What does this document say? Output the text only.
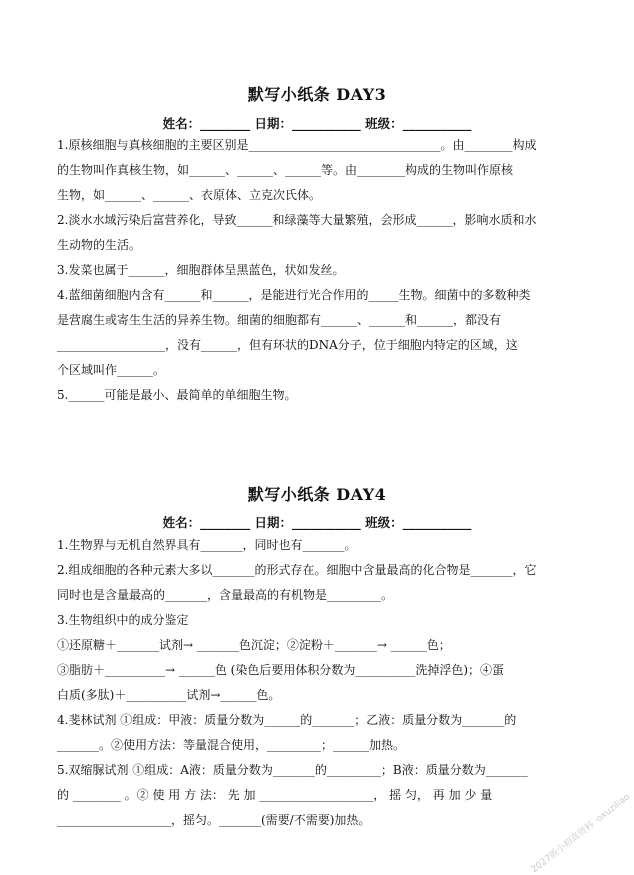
默写小纸条 DAY3
姓名：________ 日期：___________ 班级：___________
1.原核细胞与真核细胞的主要区别是________________________________。由________构成
的生物叫作真核生物，如______、______、______等。由________构成的生物叫作原核
生物，如______、______、衣原体、立克次氏体。
2.淡水水域污染后富营养化，导致______和绿藻等大量繁殖，会形成______，影响水质和水
生动物的生活。
3.发菜也属于______，细胞群体呈黑蓝色，状如发丝。
4.蓝细菌细胞内含有______和______，是能进行光合作用的_____生物。细菌中的多数种类
是营腐生或寄生生活的异养生物。细菌的细胞都有______、______和______，都没有
__________________，没有______，但有环状的DNA分子，位于细胞内特定的区域，这
个区域叫作______。
5.______可能是最小、最简单的单细胞生物。
默写小纸条 DAY4
姓名：________ 日期：___________ 班级：___________
1.生物界与无机自然界具有_______，同时也有_______。
2.组成细胞的各种元素大多以_______的形式存在。细胞中含量最高的化合物是_______，它
同时也是含量最高的_______，含量最高的有机物是_________。
3.生物组织中的成分鉴定
①还原糖＋_______试剂→ _______色沉淀；②淀粉＋_______→ ______色；
③脂肪＋__________→ ______色 (染色后要用体积分数为__________洗掉浮色)；④蛋
白质(多肽)＋__________试剂→______色。
4.斐林试剂 ①组成：甲液：质量分数为______的_______；乙液：质量分数为_______的
_______。②使用方法：等量混合使用，_________；______加热。
5.双缩脲试剂 ①组成：A液：质量分数为_______的_________；B液：质量分数为_______
的 ________ 。② 使 用 方 法： 先 加 ___________________， 摇 匀， 再 加 少 量
___________________，摇匀。_______(需要/不需要)加热。	2027版小初高资料 ·oxuziliao
